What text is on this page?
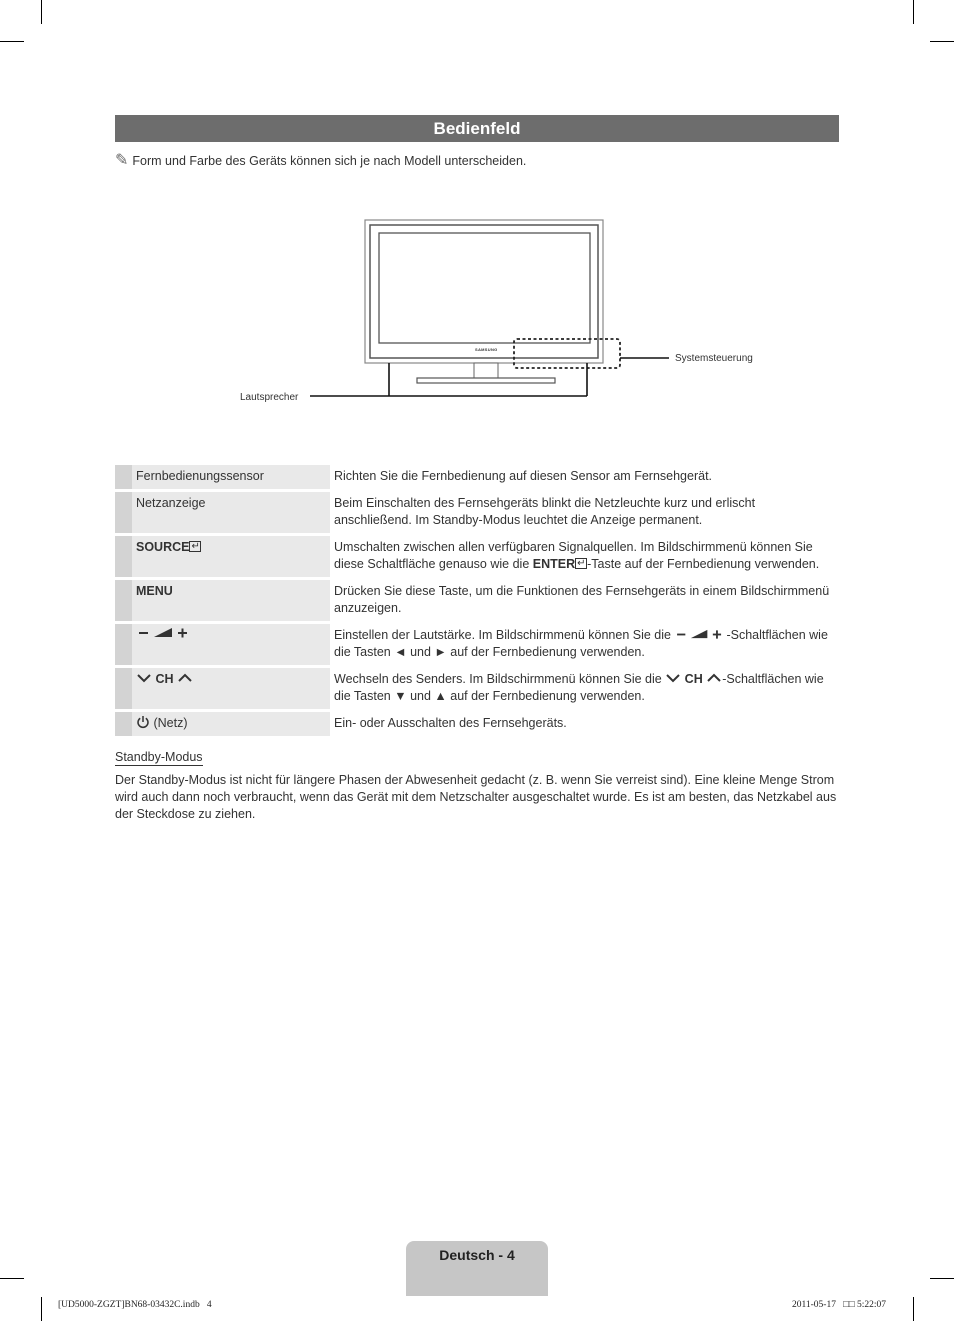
Bedienfeld
✎ Form und Farbe des Geräts können sich je nach Modell unterscheiden.
SAMSUNG
Systemsteuerung
Lautsprecher
	Fernbedienungssensor	Richten Sie die Fernbedienung auf diesen Sensor am Fernsehgerät.
	Netzanzeige	Beim Einschalten des Fernsehgeräts blinkt die Netzleuchte kurz und erlischt anschließend. Im Standby-Modus leuchtet die Anzeige permanent.
	SOURCE↵	Umschalten zwischen allen verfügbaren Signalquellen. Im Bildschirmmenü können Sie diese Schaltfläche genauso wie die ENTER ↵ -Taste auf der Fernbedienung verwenden.
	MENU	Drücken Sie diese Taste, um die Funktionen des Fernsehgeräts in einem Bildschirmmenü anzuzeigen.
		Einstellen der Lautstärke. Im Bildschirmmenü können Sie die -Schaltflächen wie die Tasten ◄ und ► auf der Fernbedienung verwenden.
	CH	Wechseln des Senders. Im Bildschirmmenü können Sie die  CH -Schaltflächen wie die Tasten ▼ und ▲ auf der Fernbedienung verwenden.
	(Netz)	Ein- oder Ausschalten des Fernsehgeräts.
Standby-Modus
Der Standby-Modus ist nicht für längere Phasen der Abwesenheit gedacht (z. B. wenn Sie verreist sind). Eine kleine Menge Strom wird auch dann noch verbraucht, wenn das Gerät mit dem Netzschalter ausgeschaltet wurde. Es ist am besten, das Netzkabel aus der Steckdose zu ziehen.
Deutsch - 4
[UD5000-ZGZT]BN68-03432C.indb   4	2011-05-17   □□ 5:22:07
